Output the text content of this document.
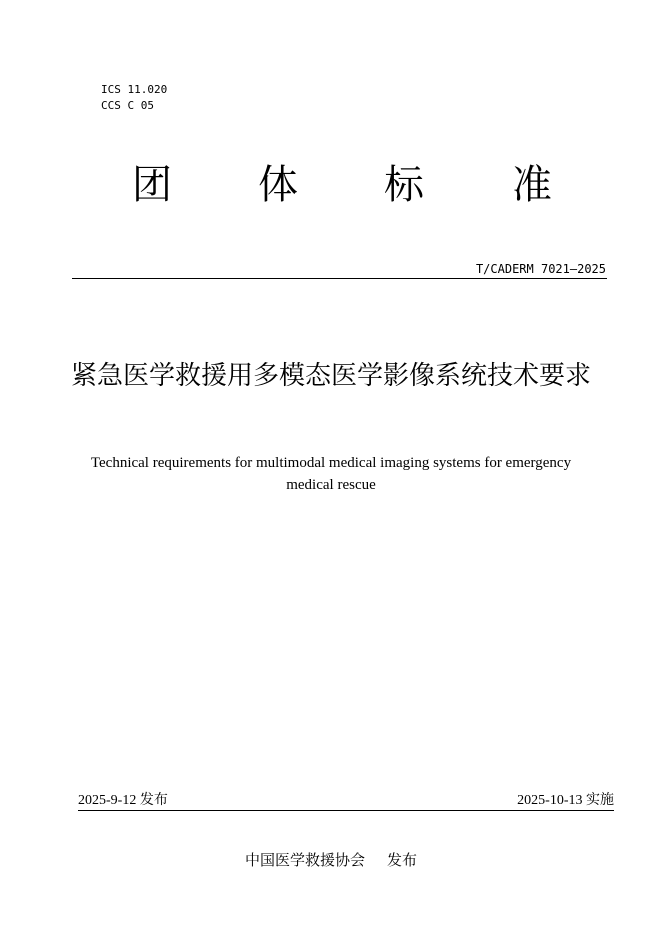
ICS 11.020
CCS C 05
团 体 标 准
T/CADERM 7021—2025
紧急医学救援用多模态医学影像系统技术要求
Technical requirements for multimodal medical imaging systems for emergency medical rescue
2025-9-12 发布	2025-10-13 实施
中国医学救援协会 发布
